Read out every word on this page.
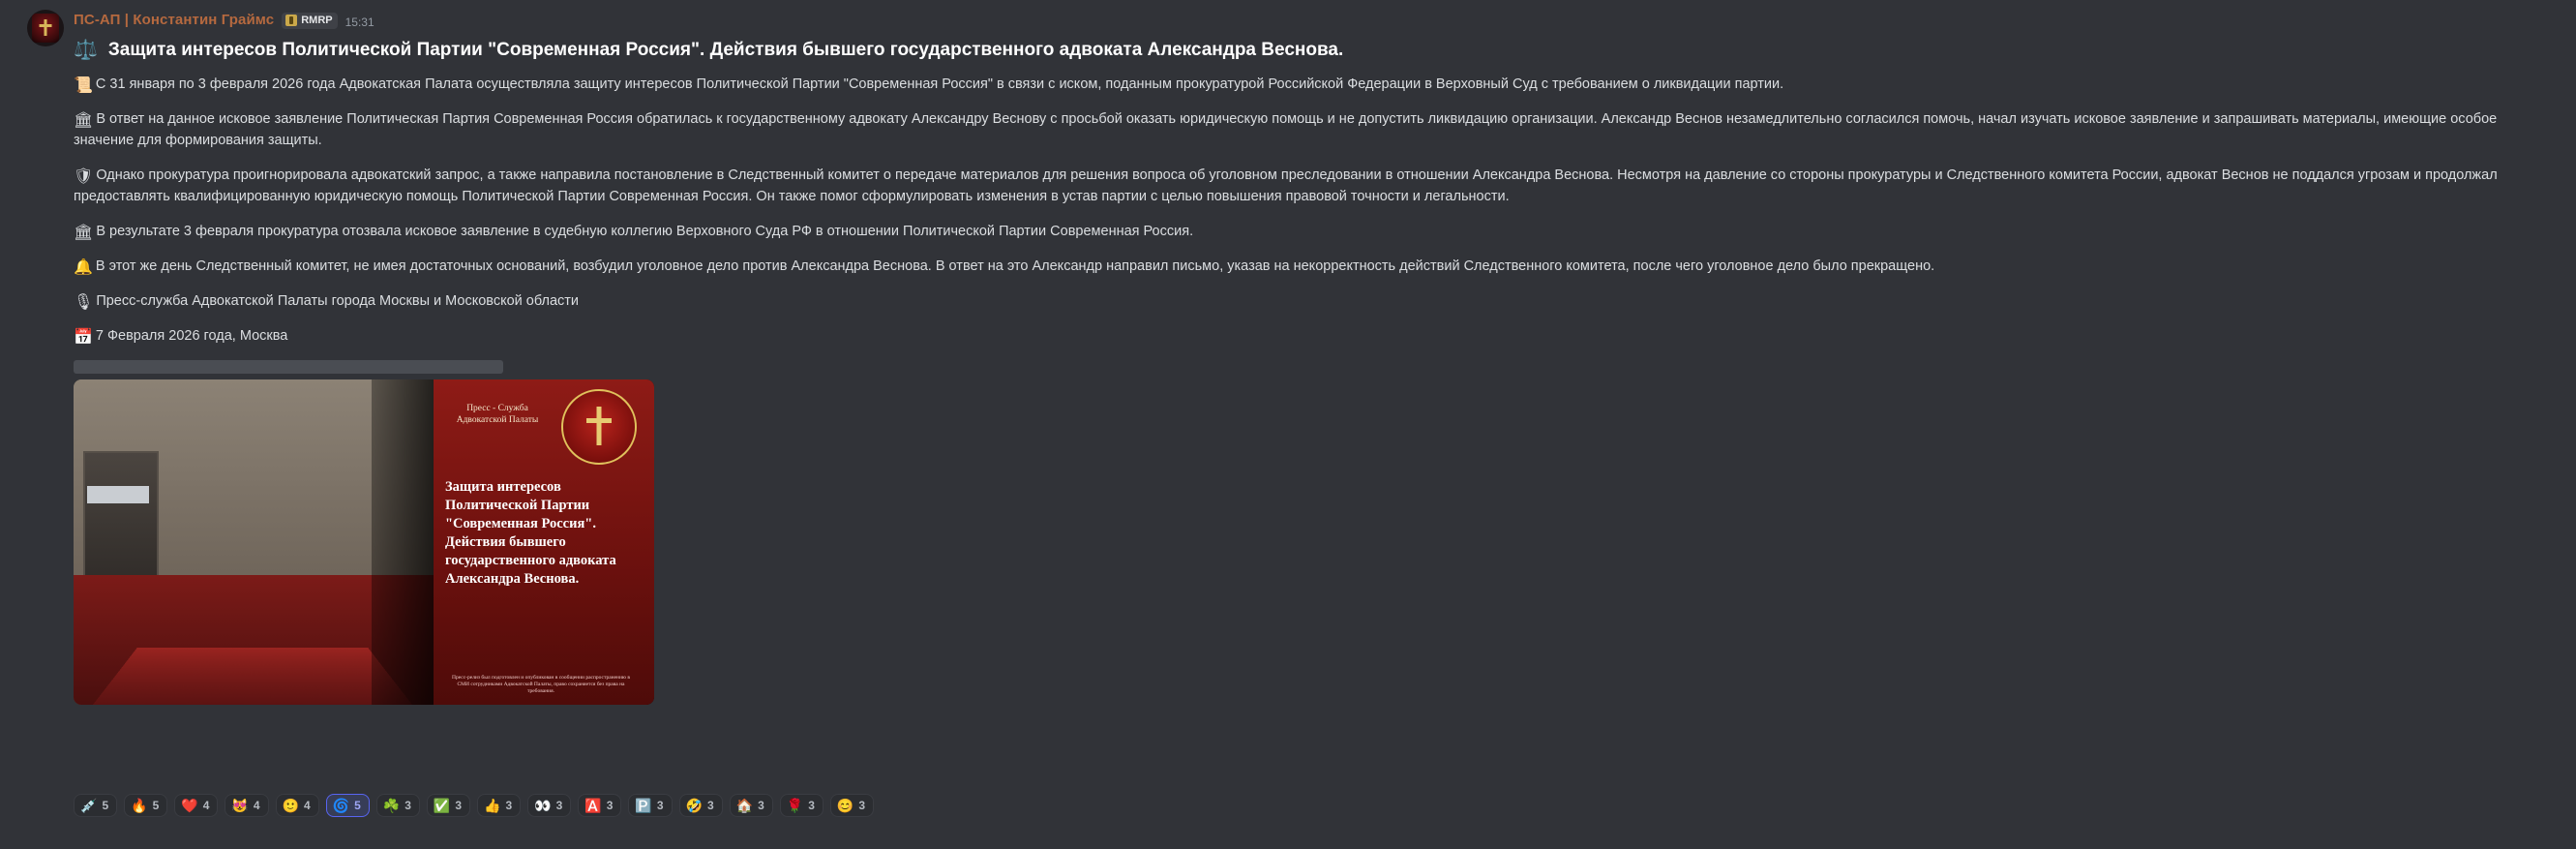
ПС-АП | Константин Граймс	RMRP 15:31
⚖️ Защита интересов Политической Партии "Современная Россия". Действия бывшего государственного адвоката Александра Веснова.

📜 С 31 января по 3 февраля 2026 года Адвокатская Палата осуществляла защиту интересов Политической Партии "Современная Россия" в связи с иском, поданным прокуратурой Российской Федерации в Верховный Суд с требованием о ликвидации партии.

🏛 В ответ на данное исковое заявление Политическая Партия Современная Россия обратилась к государственному адвокату Александру Веснову с просьбой оказать юридическую помощь и не допустить ликвидацию организации. Александр Веснов незамедлительно согласился помочь, начал изучать исковое заявление и запрашивать материалы, имеющие особое значение для формирования защиты.

🛡 Однако прокуратура проигнорировала адвокатский запрос, а также направила постановление в Следственный комитет о передаче материалов для решения вопроса об уголовном преследовании в отношении Александра Веснова. Несмотря на давление со стороны прокуратуры и Следственного комитета России, адвокат Веснов не поддался угрозам и продолжал предоставлять квалифицированную юридическую помощь Политической Партии Современная Россия. Он также помог сформулировать изменения в устав партии с целью повышения правовой точности и легальности.

🏛 В результате 3 февраля прокуратура отозвала исковое заявление в судебную коллегию Верховного Суда РФ в отношении Политической Партии Современная Россия.

🔔 В этот же день Следственный комитет, не имея достаточных оснований, возбудил уголовное дело против Александра Веснова. В ответ на это Александр направил письмо, указав на некорректность действий Следственного комитета, после чего уголовное дело было прекращено.

🎙 Пресс-служба Адвокатской Палаты города Москвы и Московской области

📅 7 Февраля 2026 года, Москва

Пресс - Служба
Адвокатской Палаты
Защита интересов Политической Партии "Современная Россия". Действия бывшего государственного адвоката Александра Веснова.
Пресс-релиз был подготовлен и опубликован в сообщении распространению в СМИ сотрудниками Адвокатской Палаты, право сохраняется без права на требования.
💉 5 🔥 5 ❤️ 4 😻 4 🙂 4 🌀 5 ☘️ 3 ✅ 3 👍 3 👀 3 🅰️ 3 🅿️ 3 🤣 3 🏠 3 🌹 3 😊 3
